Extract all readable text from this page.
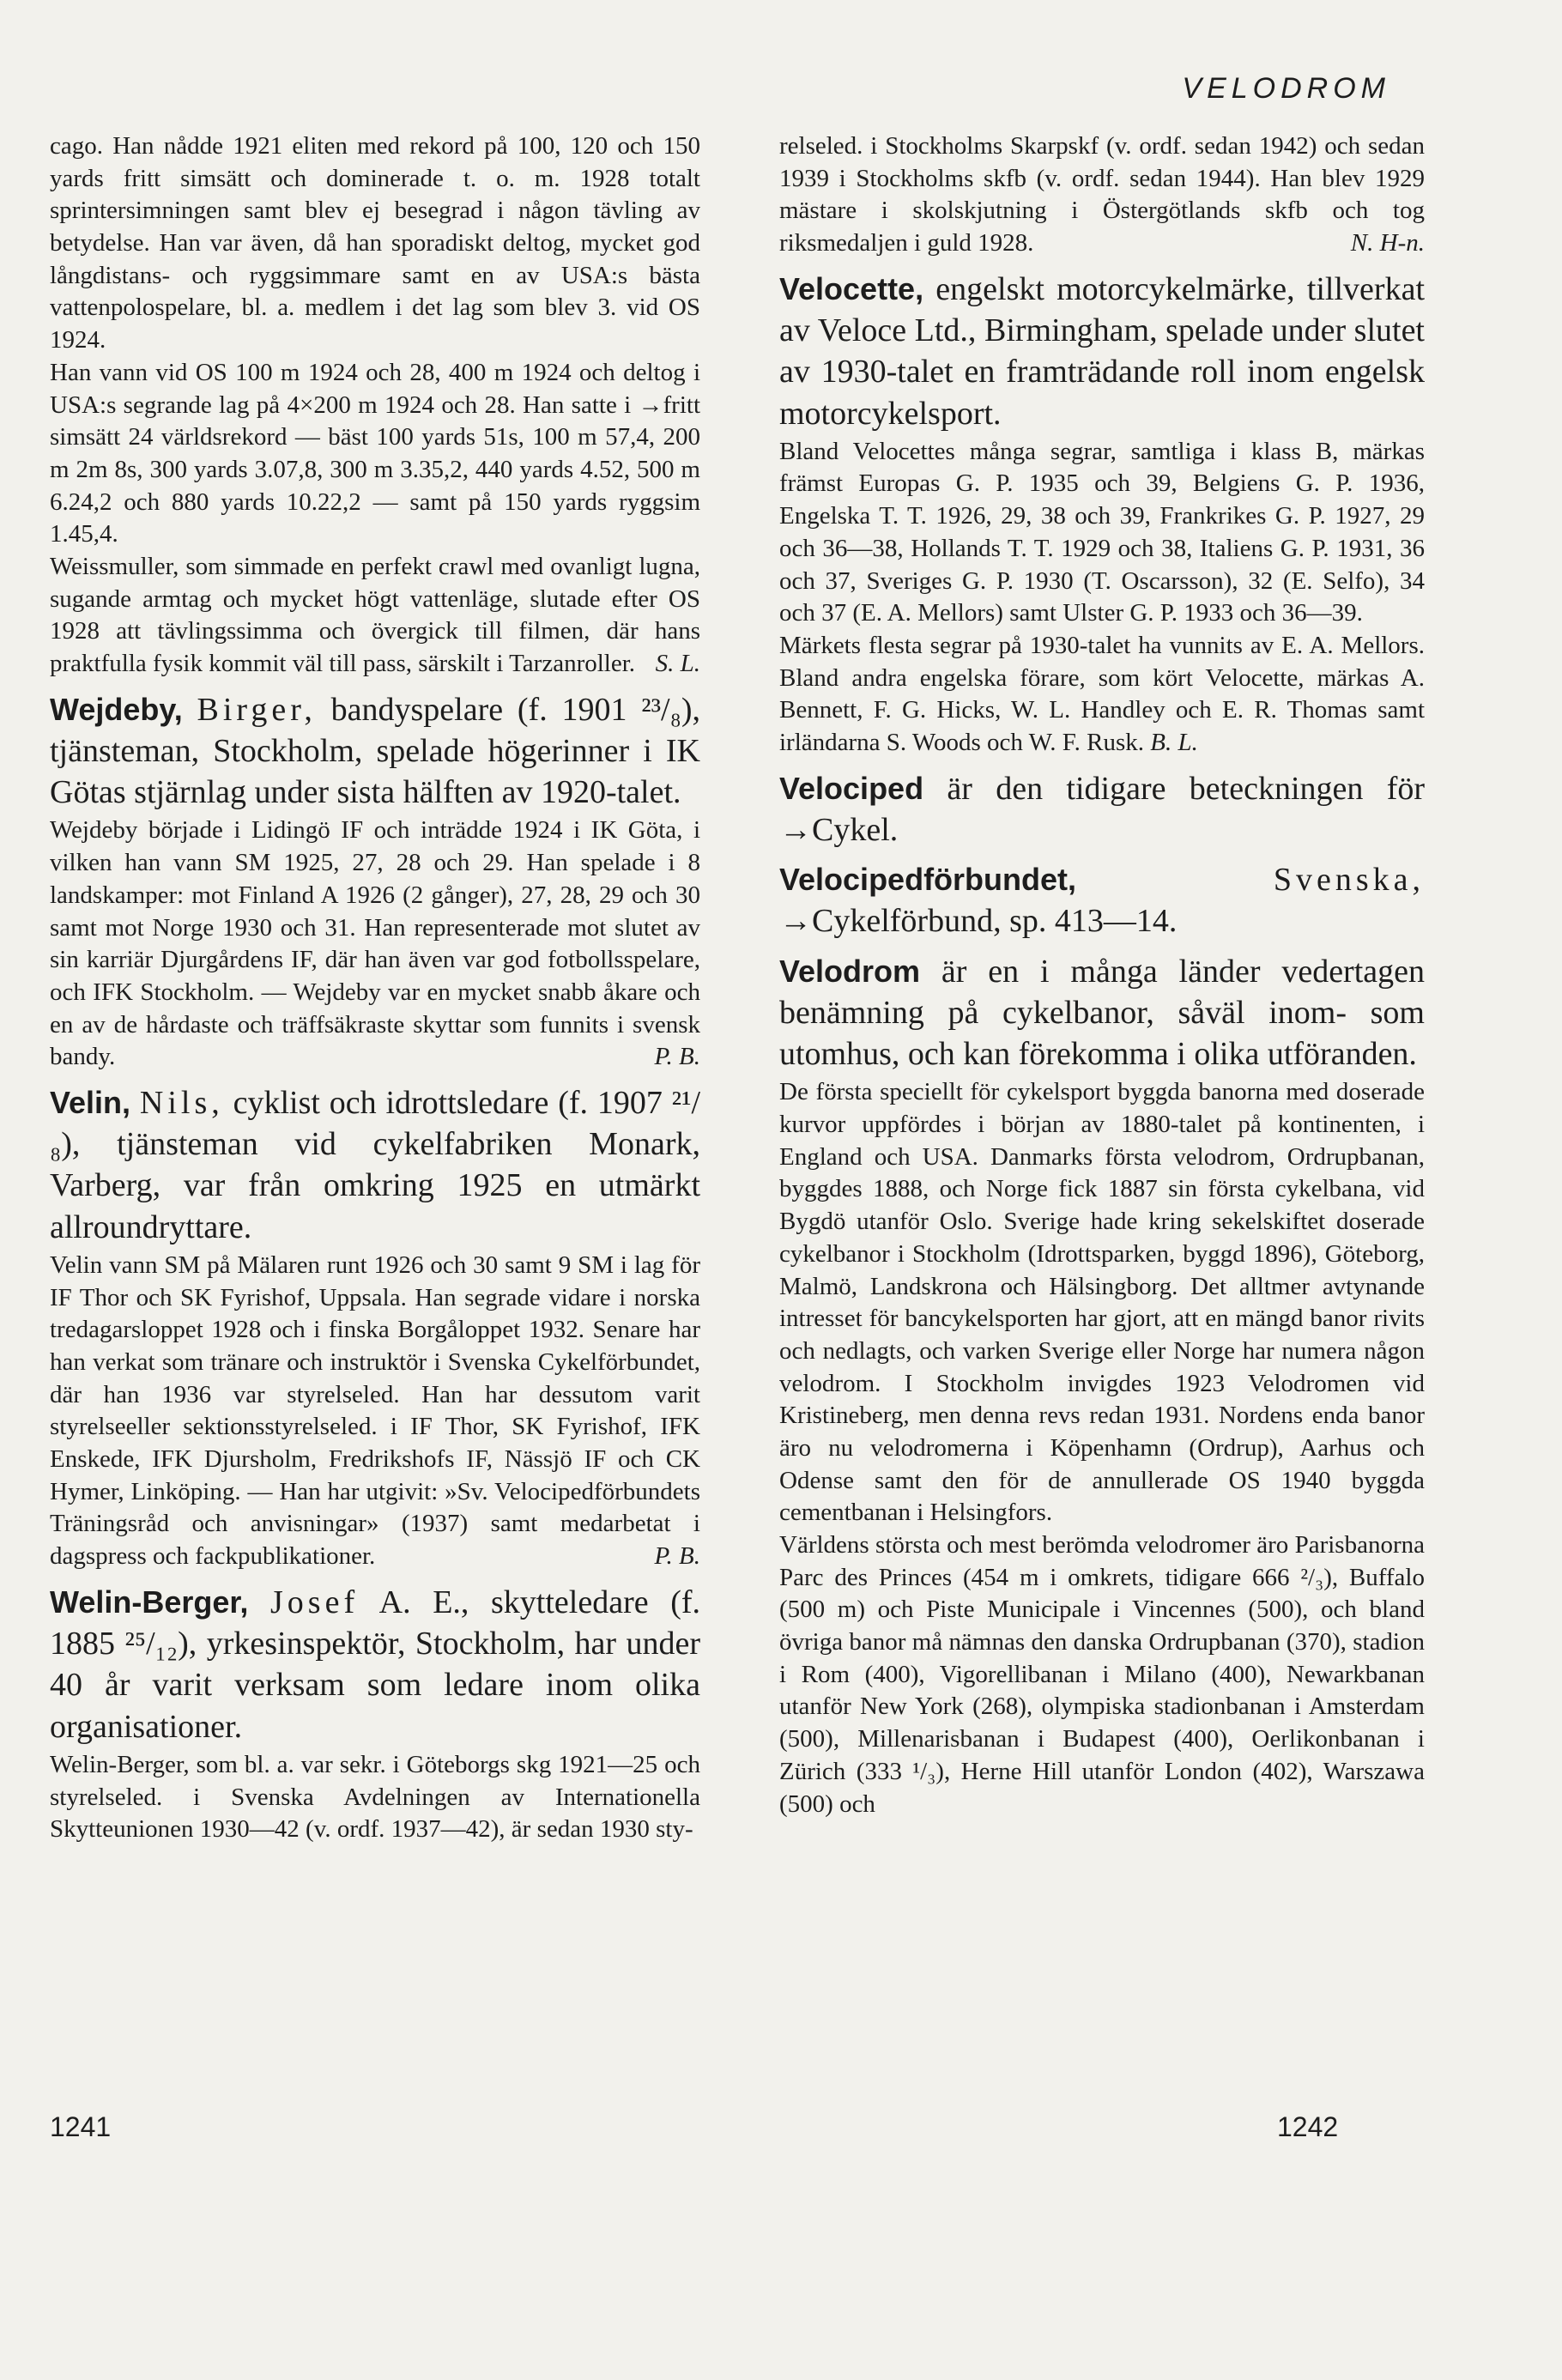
VELODROM

cago. Han nådde 1921 eliten med rekord på 100, 120 och 150 yards fritt simsätt och dominerade t. o. m. 1928 totalt sprintersimningen samt blev ej besegrad i någon tävling av betydelse. Han var även, då han sporadiskt deltog, mycket god långdistans- och ryggsimmare samt en av USA:s bästa vattenpolospelare, bl. a. medlem i det lag som blev 3. vid OS 1924.

Han vann vid OS 100 m 1924 och 28, 400 m 1924 och deltog i USA:s segrande lag på 4×200 m 1924 och 28. Han satte i →fritt simsätt 24 världsrekord — bäst 100 yards 51s, 100 m 57,4, 200 m 2m 8s, 300 yards 3.07,8, 300 m 3.35,2, 440 yards 4.52, 500 m 6.24,2 och 880 yards 10.22,2 — samt på 150 yards ryggsim 1.45,4.

Weissmuller, som simmade en perfekt crawl med ovanligt lugna, sugande armtag och mycket högt vattenläge, slutade efter OS 1928 att tävlingssimma och övergick till filmen, där hans praktfulla fysik kommit väl till pass, särskilt i Tarzanroller. S. L.

Wejdeby, Birger, bandyspelare (f. 1901 ²³/₈), tjänsteman, Stockholm, spelade högerinner i IK Götas stjärnlag under sista hälften av 1920-talet.

Wejdeby började i Lidingö IF och inträdde 1924 i IK Göta, i vilken han vann SM 1925, 27, 28 och 29. Han spelade i 8 landskamper: mot Finland A 1926 (2 gånger), 27, 28, 29 och 30 samt mot Norge 1930 och 31. Han representerade mot slutet av sin karriär Djurgårdens IF, där han även var god fotbollsspelare, och IFK Stockholm. — Wejdeby var en mycket snabb åkare och en av de hårdaste och träffsäkraste skyttar som funnits i svensk bandy.	P. B.

Velin, Nils, cyklist och idrottsledare (f. 1907 ²¹/₈), tjänsteman vid cykelfabriken Monark, Varberg, var från omkring 1925 en utmärkt allroundryttare.

Velin vann SM på Mälaren runt 1926 och 30 samt 9 SM i lag för IF Thor och SK Fyrishof, Uppsala. Han segrade vidare i norska tredagarsloppet 1928 och i finska Borgåloppet 1932. Senare har han verkat som tränare och instruktör i Svenska Cykelförbundet, där han 1936 var styrelseled. Han har dessutom varit styrelseeller sektionsstyrelseled. i IF Thor, SK Fyrishof, IFK Enskede, IFK Djursholm, Fredrikshofs IF, Nässjö IF och CK Hymer, Linköping. — Han har utgivit: »Sv. Velocipedförbundets Träningsråd och anvisningar» (1937) samt medarbetat i dagspress och fackpublikationer.	P. B.

Welin-Berger, Josef A. E., skytteledare (f. 1885 ²⁵/₁₂), yrkesinspektör, Stockholm, har under 40 år varit verksam som ledare inom olika organisationer.

Welin-Berger, som bl. a. var sekr. i Göteborgs skg 1921—25 och styrelseled. i Svenska Avdelningen av Internationella Skytteunionen 1930—42 (v. ordf. 1937—42), är sedan 1930 sty-

relseled. i Stockholms Skarpskf (v. ordf. sedan 1942) och sedan 1939 i Stockholms skfb (v. ordf. sedan 1944). Han blev 1929 mästare i skolskjutning i Östergötlands skfb och tog riksmedaljen i guld 1928.	N. H-n.

Velocette, engelskt motorcykelmärke, tillverkat av Veloce Ltd., Birmingham, spelade under slutet av 1930-talet en framträdande roll inom engelsk motorcykelsport.

Bland Velocettes många segrar, samtliga i klass B, märkas främst Europas G. P. 1935 och 39, Belgiens G. P. 1936, Engelska T. T. 1926, 29, 38 och 39, Frankrikes G. P. 1927, 29 och 36—38, Hollands T. T. 1929 och 38, Italiens G. P. 1931, 36 och 37, Sveriges G. P. 1930 (T. Oscarsson), 32 (E. Selfo), 34 och 37 (E. A. Mellors) samt Ulster G. P. 1933 och 36—39.

Märkets flesta segrar på 1930-talet ha vunnits av E. A. Mellors. Bland andra engelska förare, som kört Velocette, märkas A. Bennett, F. G. Hicks, W. L. Handley och E. R. Thomas samt irländarna S. Woods och W. F. Rusk. B. L.

Velociped är den tidigare beteckningen för →Cykel.
Velocipedförbundet,	Svenska, →Cykelförbund, sp. 413—14.
Velodrom är en i många länder vedertagen benämning på cykelbanor, såväl inom- som utomhus, och kan förekomma i olika utföranden.

De första speciellt för cykelsport byggda banorna med doserade kurvor uppfördes i början av 1880-talet på kontinenten, i England och USA. Danmarks första velodrom, Ordrupbanan, byggdes 1888, och Norge fick 1887 sin första cykelbana, vid Bygdö utanför Oslo. Sverige hade kring sekelskiftet doserade cykelbanor i Stockholm (Idrottsparken, byggd 1896), Göteborg, Malmö, Landskrona och Hälsingborg. Det alltmer avtynande intresset för bancykelsporten har gjort, att en mängd banor rivits och nedlagts, och varken Sverige eller Norge har numera någon velodrom. I Stockholm invigdes 1923 Velodromen vid Kristineberg, men denna revs redan 1931. Nordens enda banor äro nu velodromerna i Köpenhamn (Ordrup), Aarhus och Odense samt den för de annullerade OS 1940 byggda cementbanan i Helsingfors.

Världens största och mest berömda velodromer äro Parisbanorna Parc des Princes (454 m i omkrets, tidigare 666 ²/₃), Buffalo (500 m) och Piste Municipale i Vincennes (500), och bland övriga banor må nämnas den danska Ordrupbanan (370), stadion i Rom (400), Vigorellibanan i Milano (400), Newarkbanan utanför New York (268), olympiska stadionbanan i Amsterdam (500), Millenarisbanan i Budapest (400), Oerlikonbanan i Zürich (333 ¹/₃), Herne Hill utanför London (402), Warszawa (500) och

1241	1242
